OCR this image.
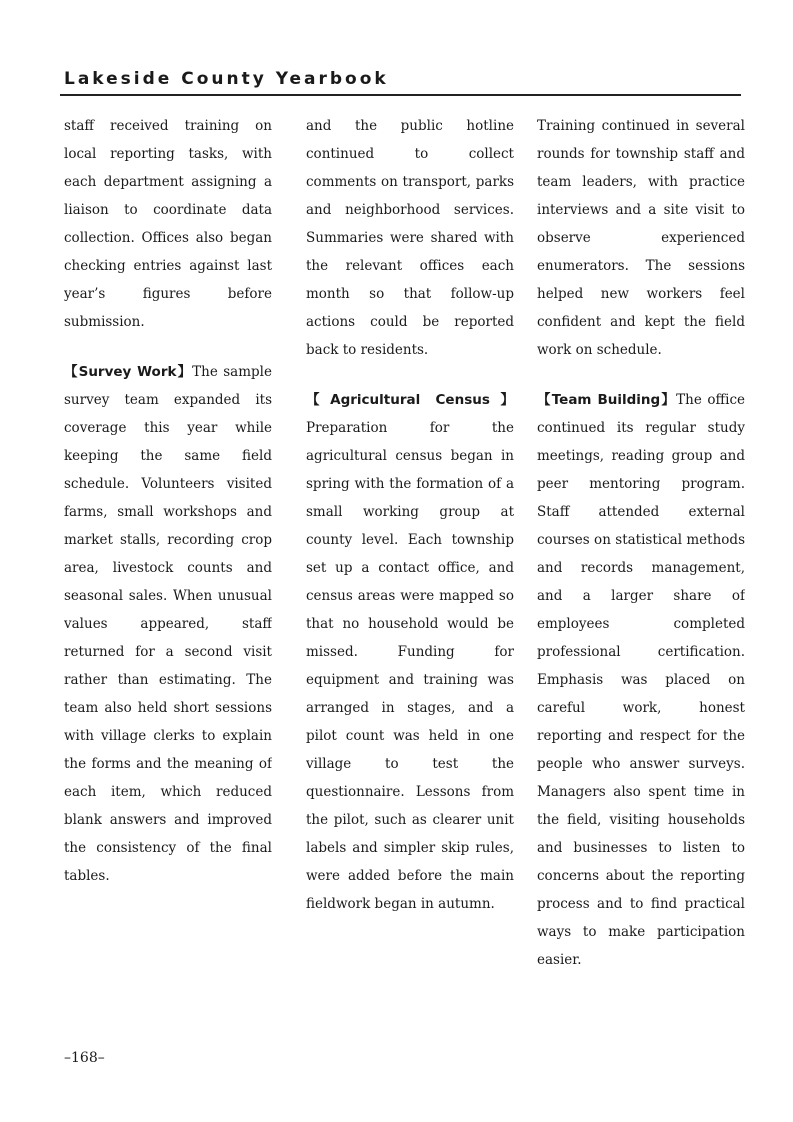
Lakeside County Yearbook

staff received training on local reporting tasks, with each department assigning a liaison to coordinate data collection. Offices also began checking entries against last year’s figures before submission.

【Survey Work】The sample survey team expanded its coverage this year while keeping the same field schedule. Volunteers visited farms, small workshops and market stalls, recording crop area, livestock counts and seasonal sales. When unusual values appeared, staff returned for a second visit rather than estimating. The team also held short sessions with village clerks to explain the forms and the meaning of each item, which reduced blank answers and improved the consistency of the final tables.

and the public hotline continued to collect comments on transport, parks and neighborhood services. Summaries were shared with the relevant offices each month so that follow-up actions could be reported back to residents.

【Agricultural Census】Preparation for the agricultural census began in spring with the formation of a small working group at county level. Each township set up a contact office, and census areas were mapped so that no household would be missed. Funding for equipment and training was arranged in stages, and a pilot count was held in one village to test the questionnaire. Lessons from the pilot, such as clearer unit labels and simpler skip rules, were added before the main fieldwork began in autumn.

Training continued in several rounds for township staff and team leaders, with practice interviews and a site visit to observe experienced enumerators. The sessions helped new workers feel confident and kept the field work on schedule.

【Team Building】The office continued its regular study meetings, reading group and peer mentoring program. Staff attended external courses on statistical methods and records management, and a larger share of employees completed professional certification. Emphasis was placed on careful work, honest reporting and respect for the people who answer surveys. Managers also spent time in the field, visiting households and businesses to listen to concerns about the reporting process and to find practical ways to make participation easier.

–168–
